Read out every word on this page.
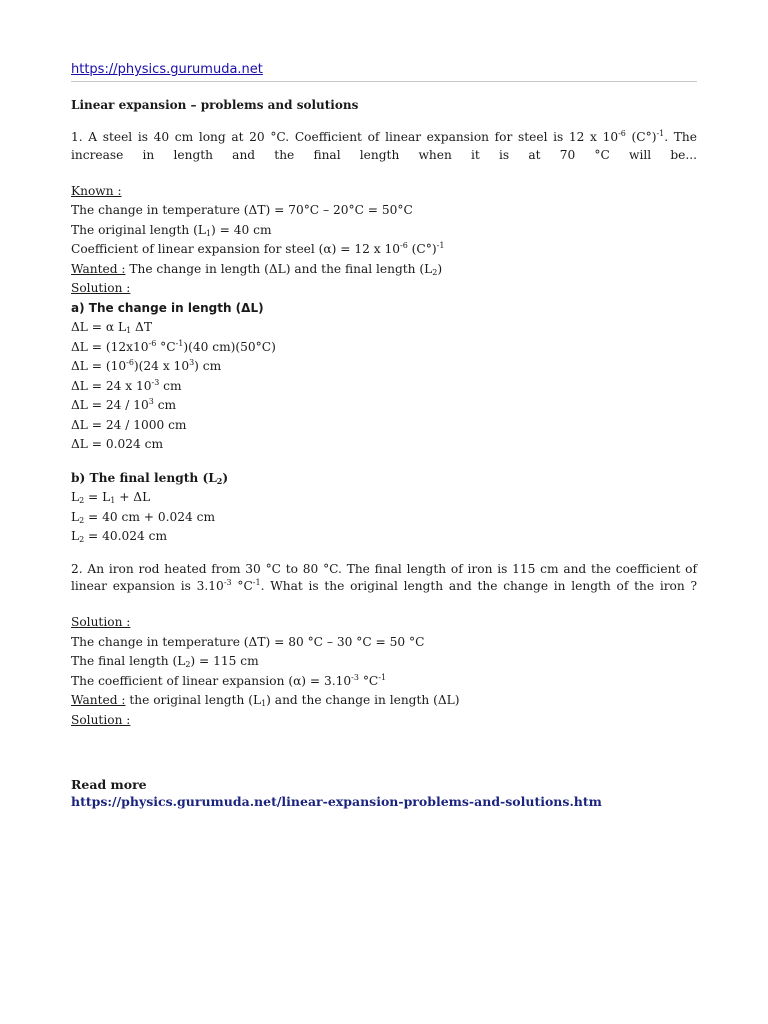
https://physics.gurumuda.net
Linear expansion – problems and solutions
1. A steel is 40 cm long at 20 °C. Coefficient of linear expansion for steel is 12 x $10^{-6}$ $(C^\circ)^{-1}$. The increase in length and the final length when it is at 70 °C will be...
Known :
The change in temperature (ΔT) = 70°C – 20°C = 50°C
The original length $(L_1) = 40$ cm
Coefficient of linear expansion for steel (α) = 12 x $10^{-6}$ $(C^\circ)^{-1}$
Wanted : The change in length (ΔL) and the final length $(L_2)$
Solution :
a) The change in length (ΔL)
ΔL = α $L_1$ ΔT
$\Delta L = (12x10^{-6}$ $^\circ C^{-1})(40$ cm)(50°C)
$\Delta L = (10^{-6})(24$ x $10^3$) cm
ΔL = 24 x $10^{-3}$ cm
$\Delta L = 24 / 10^3$ cm
ΔL = 24 / 1000 cm
ΔL = 0.024 cm
b) The final length $(L_2)$
$L_2 = L_1 + \Delta L$
$L_2 = 40$ cm + 0.024 cm
$L_2 = 40.024$ cm
2. An iron rod heated from 30 °C to 80 °C. The final length of iron is 115 cm and the coefficient of linear expansion is $3.10^{-3}$ $^\circ C^{-1}$. What is the original length and the change in length of the iron ?
Solution :
The change in temperature (ΔT) = 80 °C – 30 °C = 50 °C
The final length $(L_2) = 115$ cm
The coefficient of linear expansion $(\alpha) = 3.10^{-3}$ $^\circ C^{-1}$
Wanted : the original length $(L_1)$ and the change in length (ΔL)
Solution :
Read more
https://physics.gurumuda.net/linear-expansion-problems-and-solutions.htm
